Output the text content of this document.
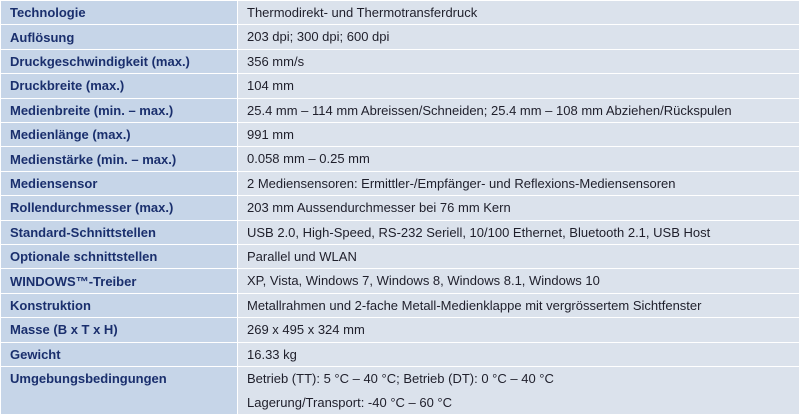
Technologie	Thermodirekt- und Thermotransferdruck

Auflösung	203 dpi; 300 dpi; 600 dpi

Druckgeschwindigkeit (max.)	356 mm/s

Druckbreite (max.)	104 mm

Medienbreite (min. – max.)	25.4 mm – 114 mm Abreissen/Schneiden; 25.4 mm – 108 mm Abziehen/Rückspulen

Medienlänge (max.)	991 mm

Medienstärke (min. – max.)	0.058 mm – 0.25 mm

Mediensensor	2 Mediensensoren: Ermittler-/Empfänger- und Reflexions-Mediensensoren

Rollendurchmesser (max.)	203 mm Aussendurchmesser bei 76 mm Kern

Standard-Schnittstellen	USB 2.0, High-Speed, RS-232 Seriell, 10/100 Ethernet, Bluetooth 2.1, USB Host

Optionale schnittstellen	Parallel und WLAN

WINDOWS™-Treiber	XP, Vista, Windows 7, Windows 8, Windows 8.1, Windows 10

Konstruktion	Metallrahmen und 2-fache Metall-Medienklappe mit vergrössertem Sichtfenster

Masse (B x T x H)	269 x 495 x 324 mm

Gewicht	16.33 kg

Umgebungsbedingungen	Betrieb (TT): 5 °C – 40 °C; Betrieb (DT): 0 °C – 40 °C
Lagerung/Transport: -40 °C – 60 °C
